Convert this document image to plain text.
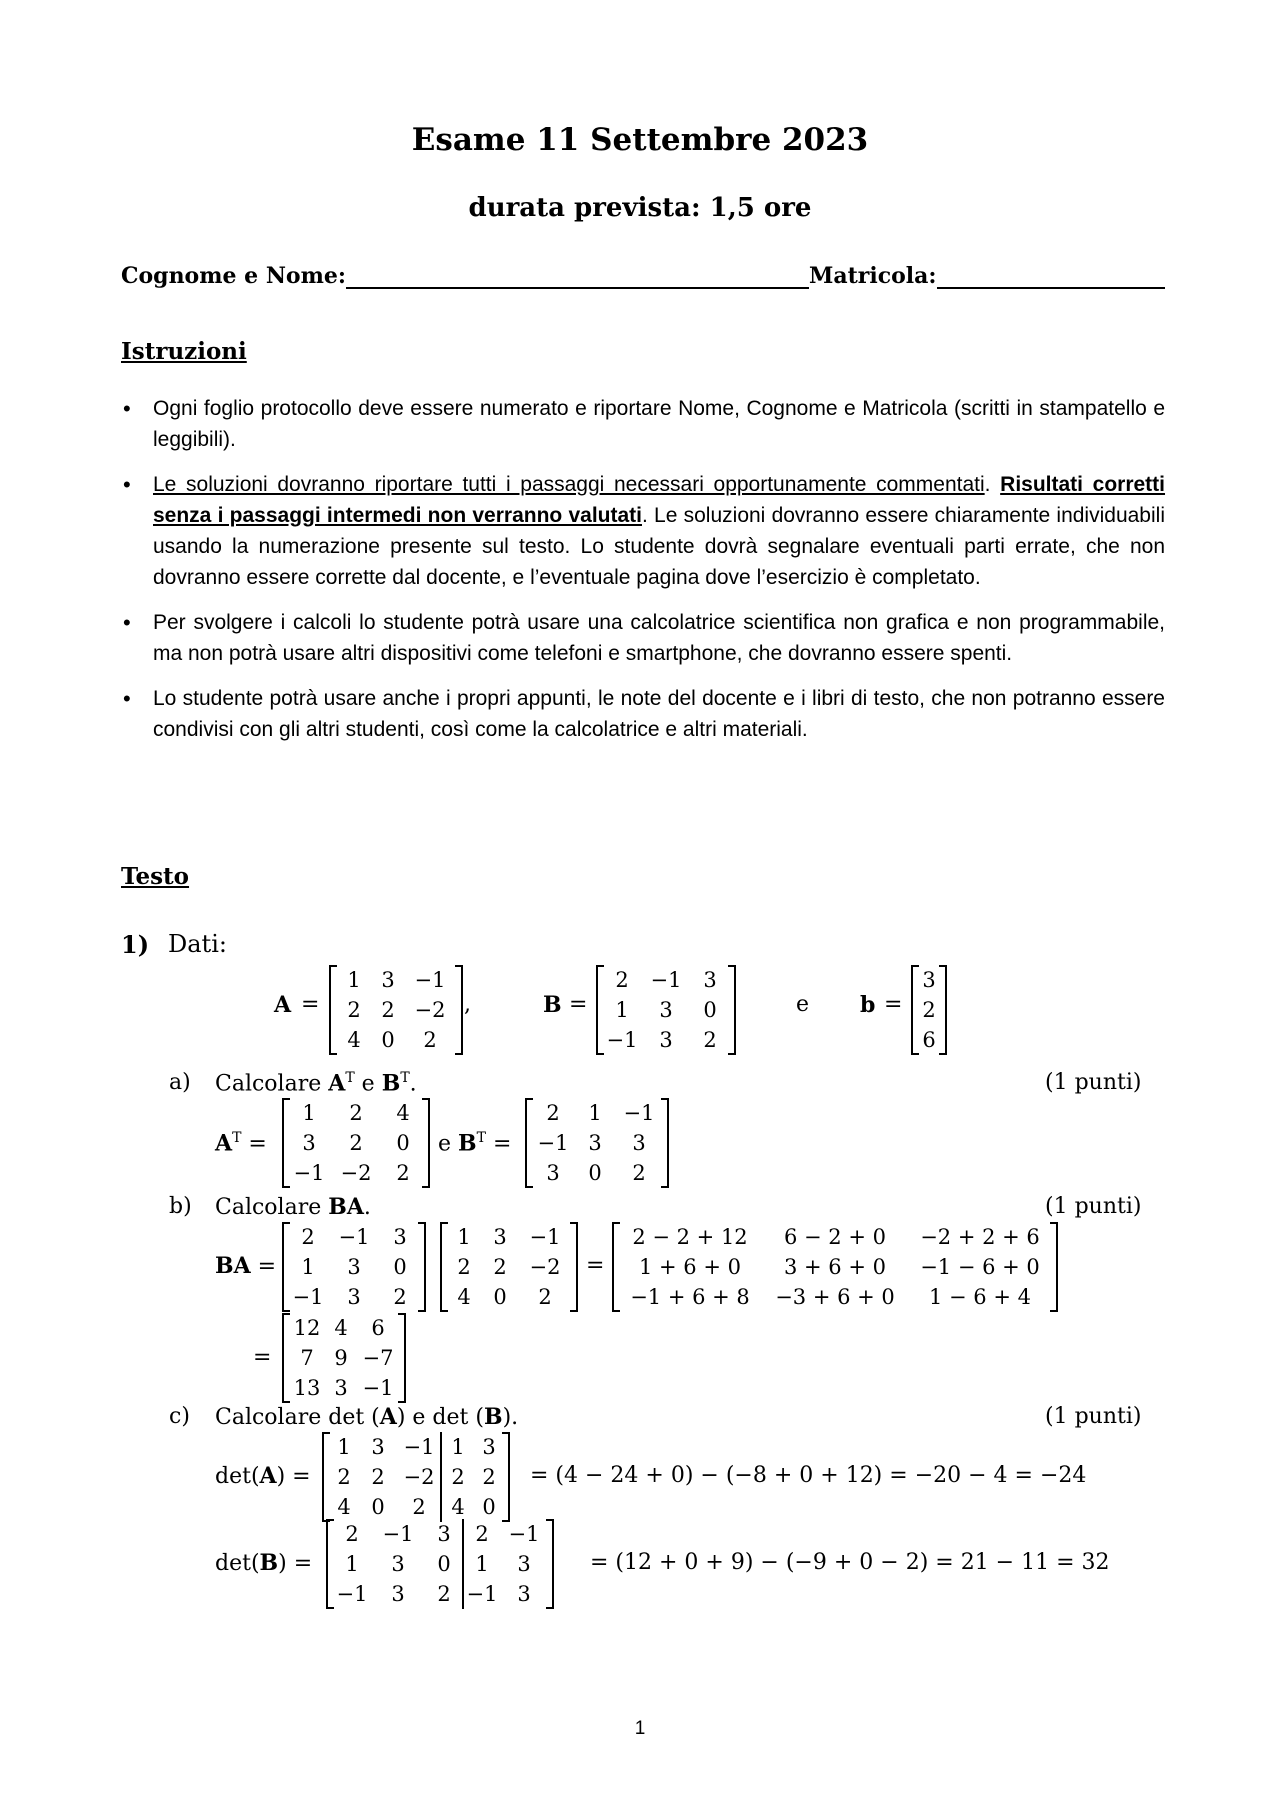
Esame 11 Settembre 2023
durata prevista: 1,5 ore
Cognome e Nome:	Matricola:
Istruzioni
• Ogni foglio protocollo deve essere numerato e riportare Nome, Cognome e Matricola (scritti in stampatello e leggibili).
• Le soluzioni dovranno riportare tutti i passaggi necessari opportunamente commentati. Risultati corretti senza i passaggi intermedi non verranno valutati. Le soluzioni dovranno essere chiaramente individuabili usando la numerazione presente sul testo. Lo studente dovrà segnalare eventuali parti errate, che non dovranno essere corrette dal docente, e l’eventuale pagina dove l’esercizio è completato.
• Per svolgere i calcoli lo studente potrà usare una calcolatrice scientifica non grafica e non programmabile, ma non potrà usare altri dispositivi come telefoni e smartphone, che dovranno essere spenti.
• Lo studente potrà usare anche i propri appunti, le note del docente e i libri di testo, che non potranno essere condivisi con gli altri studenti, così come la calcolatrice e altri materiali.
Testo
1) Dati:
A =
1 3 −1
2 2 −2
4 0	2
,	B =
2	−1	3
1	3	0
−1	3	2
e b =
3
2
6
a) Calcolare $A^T$ e $B^T$.	(1 punti)
$A^T$ =
1	2	4
3	2	0
−1 −2	2
e $B^T$ =
2	1	−1
−1 3	3
3	0	2
b) Calcolare BA.	(1 punti)
BA =
2	−1	3
1	3	0
−1	3	2
1	3	−1
2	2	−2
4	0	2
=
2 − 2 + 12	6 − 2 + 0	−2 + 2 + 6
1 + 6 + 0	3 + 6 + 0	−1 − 6 + 0
−1 + 6 + 8	−3 + 6 + 0	1 − 6 + 4
=
12 4	6
7 9 −7
13 3 −1
c) Calcolare det (A) e det (B).	(1 punti)
det(A) =
1 3 −1 1 3
2 2 −2 2 2
4 0	2	4 0
= (4 − 24 + 0) − (−8 + 0 + 12) = −20 − 4 = −24
det(B) =
2	−1	3	2 −1
1	3	0	1	3
−1	3	2 −1 3
= (12 + 0 + 9) − (−9 + 0 − 2) = 21 − 11 = 32
1
